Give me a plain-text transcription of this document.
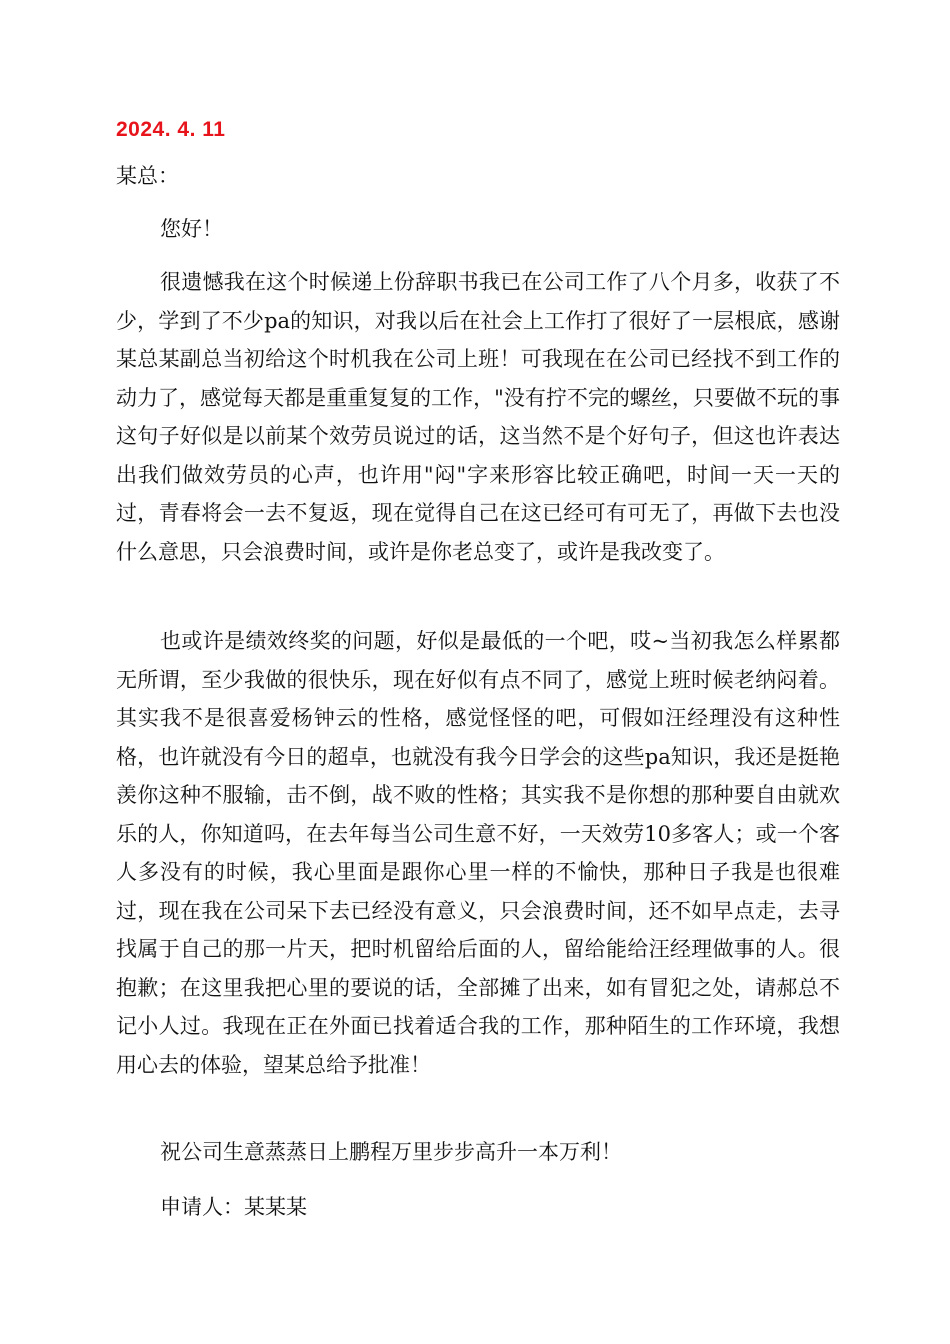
2024. 4. 11
某总：
您好！

很遗憾我在这个时候递上份辞职书我已在公司工作了八个月多，收获了不少，学到了不少pa的知识，对我以后在社会上工作打了很好了一层根底，感谢某总某副总当初给这个时机我在公司上班！可我现在在公司已经找不到工作的动力了，感觉每天都是重重复复的工作，"没有拧不完的螺丝，只要做不玩的事这句子好似是以前某个效劳员说过的话，这当然不是个好句子，但这也许表达出我们做效劳员的心声，也许用"闷"字来形容比较正确吧，时间一天一天的过，青春将会一去不复返，现在觉得自己在这已经可有可无了，再做下去也没什么意思，只会浪费时间，或许是你老总变了，或许是我改变了。

也或许是绩效终奖的问题，好似是最低的一个吧，哎~当初我怎么样累都无所谓，至少我做的很快乐，现在好似有点不同了，感觉上班时候老纳闷着。其实我不是很喜爱杨钟云的性格，感觉怪怪的吧，可假如汪经理没有这种性格，也许就没有今日的超卓，也就没有我今日学会的这些pa知识，我还是挺艳羡你这种不服输，击不倒，战不败的性格；其实我不是你想的那种要自由就欢乐的人，你知道吗，在去年每当公司生意不好，一天效劳10多客人；或一个客人多没有的时候，我心里面是跟你心里一样的不愉快，那种日子我是也很难过，现在我在公司呆下去已经没有意义，只会浪费时间，还不如早点走，去寻找属于自己的那一片天，把时机留给后面的人，留给能给汪经理做事的人。很抱歉；在这里我把心里的要说的话，全部摊了出来，如有冒犯之处，请郝总不记小人过。我现在正在外面已找着适合我的工作，那种陌生的工作环境，我想用心去的体验，望某总给予批准！

祝公司生意蒸蒸日上鹏程万里步步高升一本万利！
申请人：某某某
